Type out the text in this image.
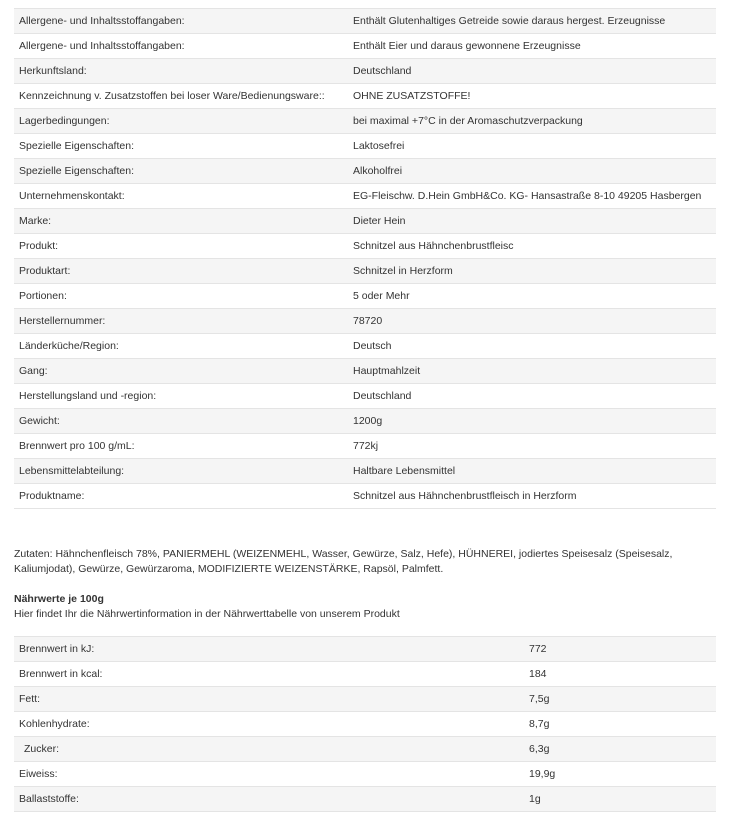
Allergene- und Inhaltsstoffangaben:	Enthält Glutenhaltiges Getreide sowie daraus hergest. Erzeugnisse
Allergene- und Inhaltsstoffangaben:	Enthält Eier und daraus gewonnene Erzeugnisse
Herkunftsland:	Deutschland
Kennzeichnung v. Zusatzstoffen bei loser Ware/Bedienungsware::	OHNE ZUSATZSTOFFE!
Lagerbedingungen:	bei maximal +7°C in der Aromaschutzverpackung
Spezielle Eigenschaften:	Laktosefrei
Spezielle Eigenschaften:	Alkoholfrei
Unternehmenskontakt:	EG-Fleischw. D.Hein GmbH&Co. KG- Hansastraße 8-10 49205 Hasbergen
Marke:	Dieter Hein
Produkt:	Schnitzel aus Hähnchenbrustfleisc
Produktart:	Schnitzel in Herzform
Portionen:	5 oder Mehr
Herstellernummer:	78720
Länderküche/Region:	Deutsch
Gang:	Hauptmahlzeit
Herstellungsland und -region:	Deutschland
Gewicht:	1200g
Brennwert pro 100 g/mL:	772kj
Lebensmittelabteilung:	Haltbare Lebensmittel
Produktname:	Schnitzel aus Hähnchenbrustfleisch in Herzform
Zutaten: Hähnchenfleisch 78%, PANIERMEHL (WEIZENMEHL, Wasser, Gewürze, Salz, Hefe), HÜHNEREI, jodiertes Speisesalz (Speisesalz, Kaliumjodat), Gewürze, Gewürzaroma, MODIFIZIERTE WEIZENSTÄRKE, Rapsöl, Palmfett.
Nährwerte je 100g
Hier findet Ihr die Nährwertinformation in der Nährwerttabelle von unserem Produkt
Brennwert in kJ:	772
Brennwert in kcal:	184
Fett:	7,5g
Kohlenhydrate:	8,7g
Zucker:	6,3g
Eiweiss:	19,9g
Ballaststoffe:	1g
